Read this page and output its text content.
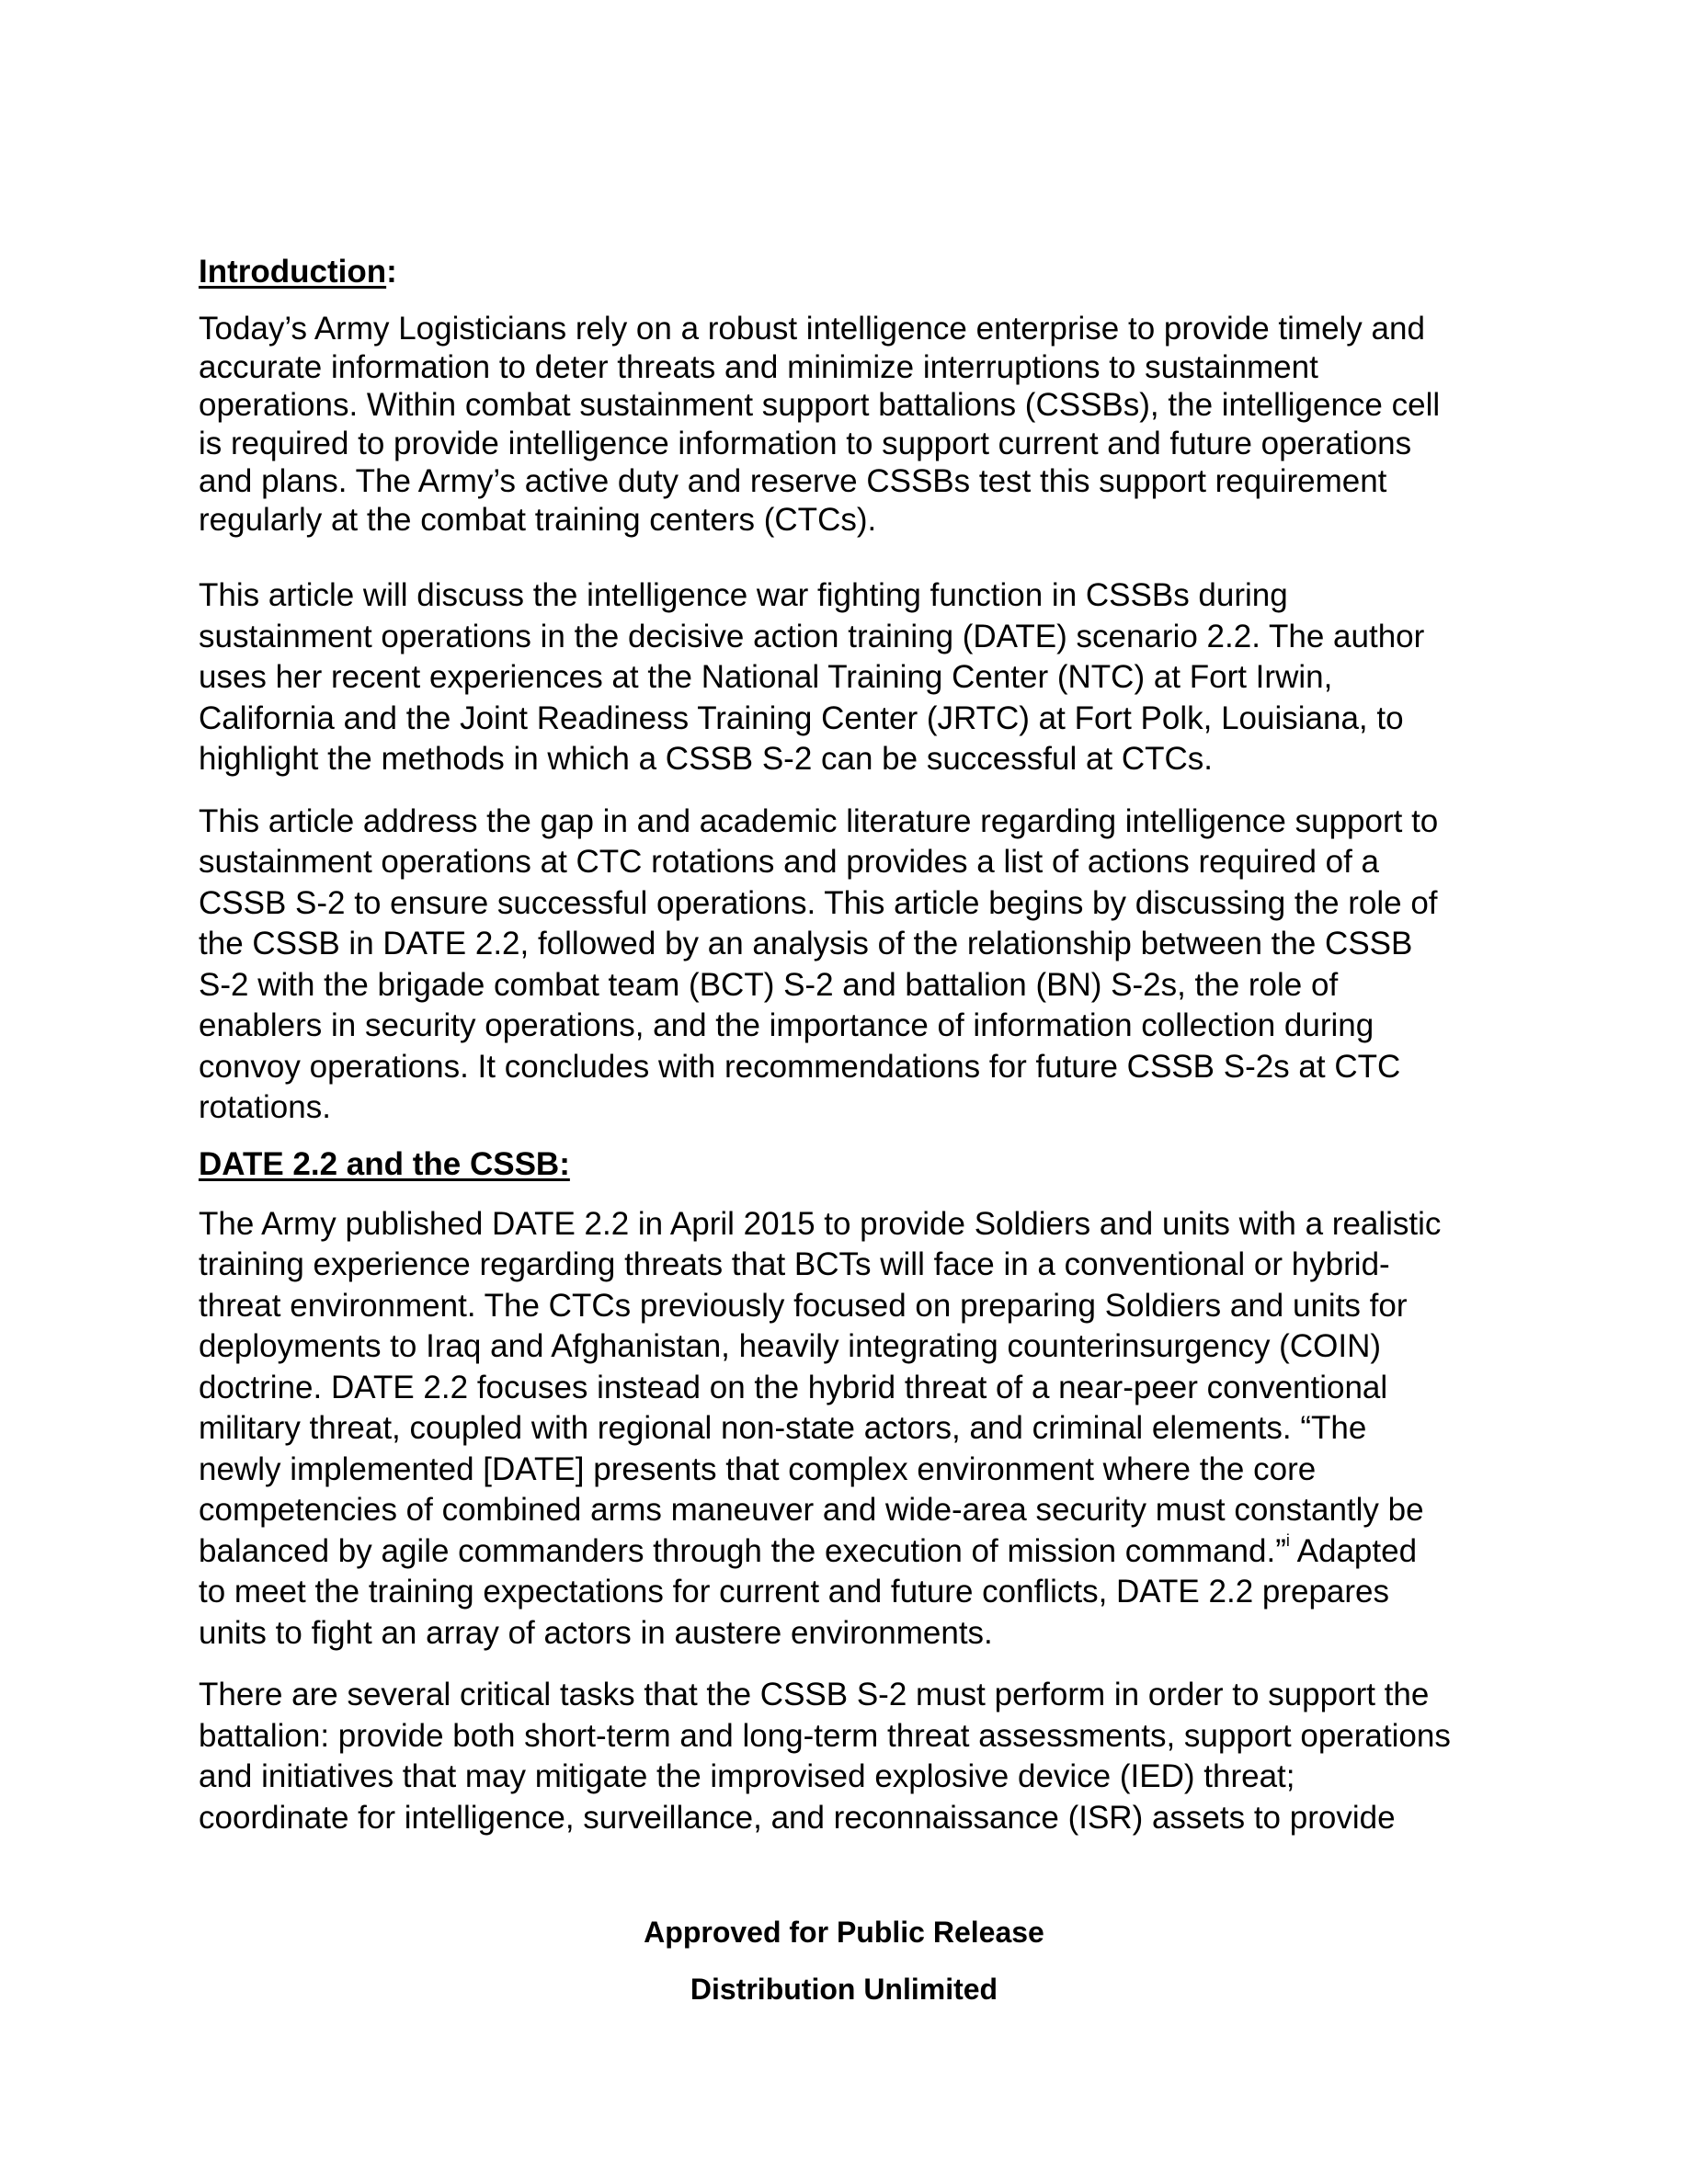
Introduction:

Today’s Army Logisticians rely on a robust intelligence enterprise to provide timely and
accurate information to deter threats and minimize interruptions to sustainment
operations. Within combat sustainment support battalions (CSSBs), the intelligence cell
is required to provide intelligence information to support current and future operations
and plans. The Army’s active duty and reserve CSSBs test this support requirement
regularly at the combat training centers (CTCs).

This article will discuss the intelligence war fighting function in CSSBs during
sustainment operations in the decisive action training (DATE) scenario 2.2. The author
uses her recent experiences at the National Training Center (NTC) at Fort Irwin,
California and the Joint Readiness Training Center (JRTC) at Fort Polk, Louisiana, to
highlight the methods in which a CSSB S-2 can be successful at CTCs.

This article address the gap in and academic literature regarding intelligence support to
sustainment operations at CTC rotations and provides a list of actions required of a
CSSB S-2 to ensure successful operations. This article begins by discussing the role of
the CSSB in DATE 2.2, followed by an analysis of the relationship between the CSSB
S-2 with the brigade combat team (BCT) S-2 and battalion (BN) S-2s, the role of
enablers in security operations, and the importance of information collection during
convoy operations. It concludes with recommendations for future CSSB S-2s at CTC
rotations.

DATE 2.2 and the CSSB:

The Army published DATE 2.2 in April 2015 to provide Soldiers and units with a realistic
training experience regarding threats that BCTs will face in a conventional or hybrid-
threat environment. The CTCs previously focused on preparing Soldiers and units for
deployments to Iraq and Afghanistan, heavily integrating counterinsurgency (COIN)
doctrine. DATE 2.2 focuses instead on the hybrid threat of a near-peer conventional
military threat, coupled with regional non-state actors, and criminal elements. “The
newly implemented [DATE] presents that complex environment where the core
competencies of combined arms maneuver and wide-area security must constantly be
balanced by agile commanders through the execution of mission command.”$^i$ Adapted
to meet the training expectations for current and future conflicts, DATE 2.2 prepares
units to fight an array of actors in austere environments.

There are several critical tasks that the CSSB S-2 must perform in order to support the
battalion: provide both short-term and long-term threat assessments, support operations
and initiatives that may mitigate the improvised explosive device (IED) threat;
coordinate for intelligence, surveillance, and reconnaissance (ISR) assets to provide

Approved for Public Release
Distribution Unlimited
